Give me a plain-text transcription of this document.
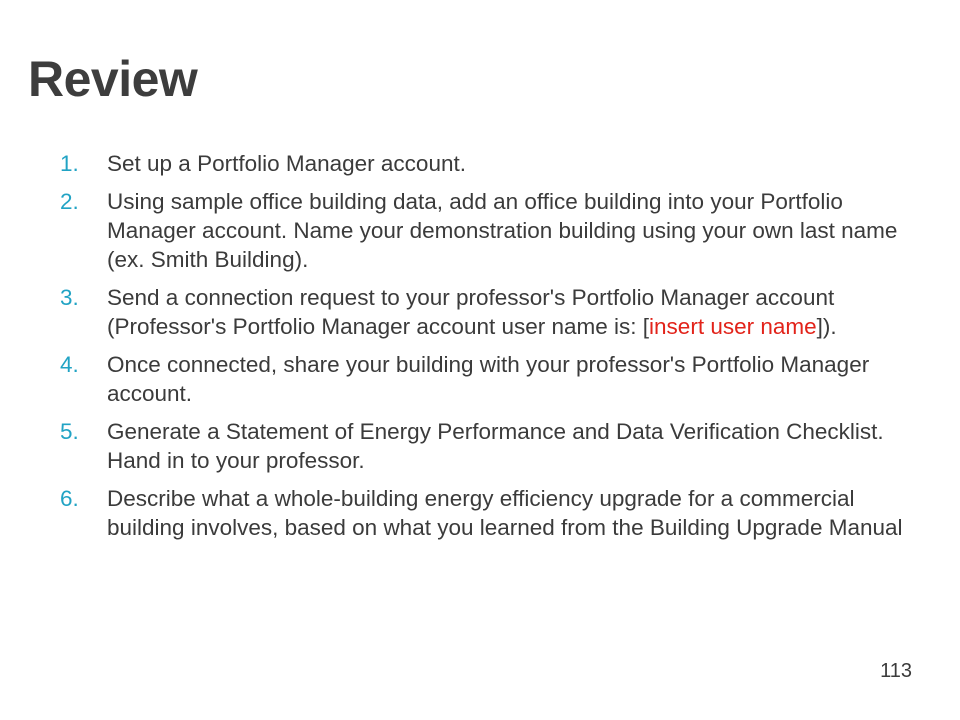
Review
1.	Set up a Portfolio Manager account.
2.	Using sample office building data, add an office building into your Portfolio Manager account. Name your demonstration building using your own last name (ex. Smith Building).
3.	Send a connection request to your professor's Portfolio Manager account (Professor's Portfolio Manager account user name is: [insert user name]).
4.	Once connected, share your building with your professor's Portfolio Manager account.
5.	Generate a Statement of Energy Performance and Data Verification Checklist. Hand in to your professor.
6.	Describe what a whole-building energy efficiency upgrade for a commercial building involves, based on what you learned from the Building Upgrade Manual
113
